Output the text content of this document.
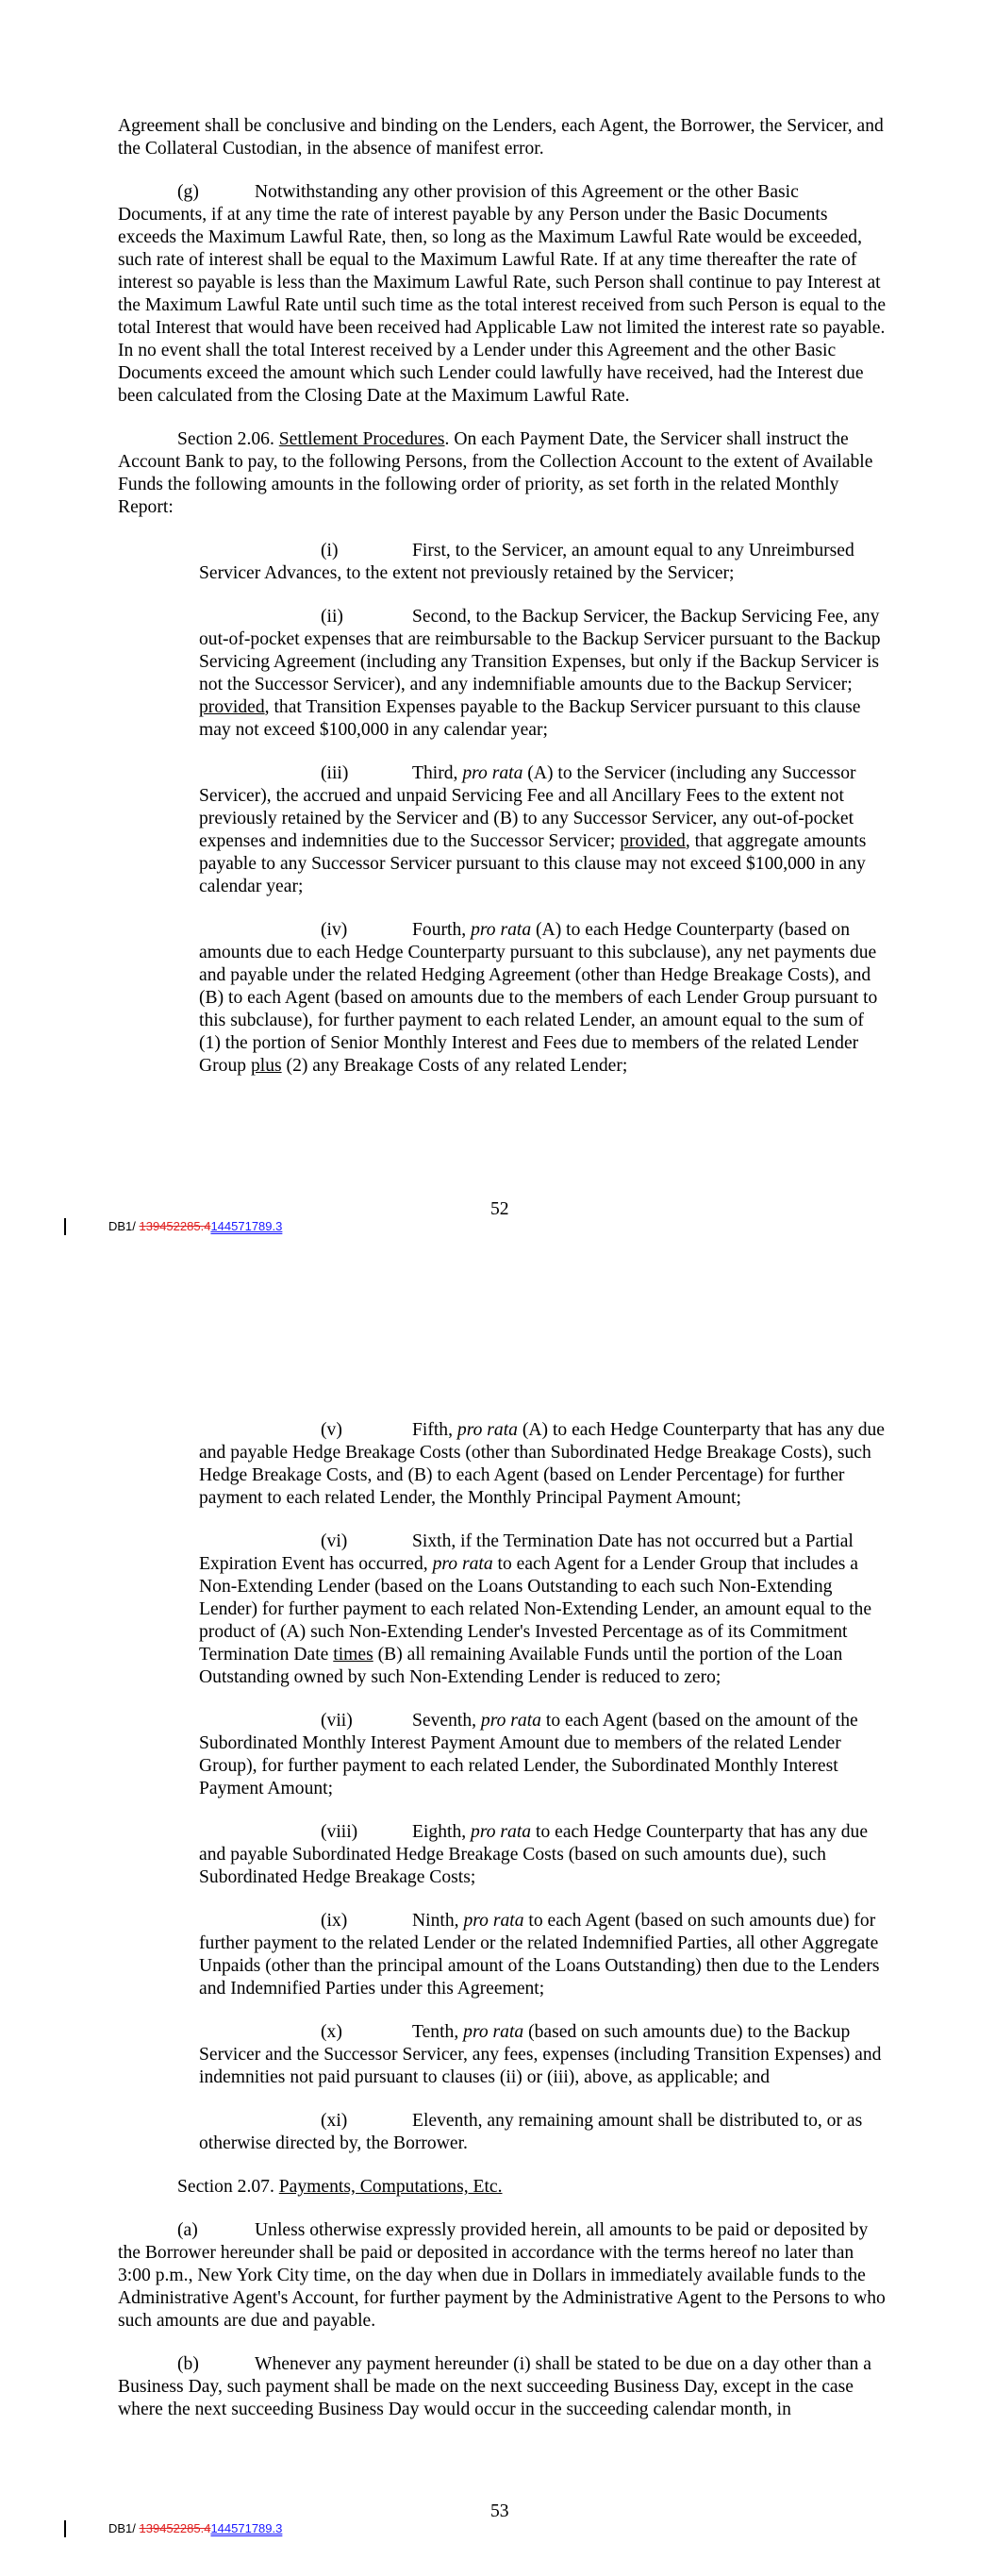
Agreement shall be conclusive and binding on the Lenders, each Agent, the Borrower, the Servicer, and the Collateral Custodian, in the absence of manifest error.
(g)	Notwithstanding any other provision of this Agreement or the other Basic Documents, if at any time the rate of interest payable by any Person under the Basic Documents exceeds the Maximum Lawful Rate, then, so long as the Maximum Lawful Rate would be exceeded, such rate of interest shall be equal to the Maximum Lawful Rate. If at any time thereafter the rate of interest so payable is less than the Maximum Lawful Rate, such Person shall continue to pay Interest at the Maximum Lawful Rate until such time as the total interest received from such Person is equal to the total Interest that would have been received had Applicable Law not limited the interest rate so payable. In no event shall the total Interest received by a Lender under this Agreement and the other Basic Documents exceed the amount which such Lender could lawfully have received, had the Interest due been calculated from the Closing Date at the Maximum Lawful Rate.
Section 2.06. Settlement Procedures. On each Payment Date, the Servicer shall instruct the Account Bank to pay, to the following Persons, from the Collection Account to the extent of Available Funds the following amounts in the following order of priority, as set forth in the related Monthly Report:
(i)	First, to the Servicer, an amount equal to any Unreimbursed Servicer Advances, to the extent not previously retained by the Servicer;
(ii)	Second, to the Backup Servicer, the Backup Servicing Fee, any out-of-pocket expenses that are reimbursable to the Backup Servicer pursuant to the Backup Servicing Agreement (including any Transition Expenses, but only if the Backup Servicer is not the Successor Servicer), and any indemnifiable amounts due to the Backup Servicer; provided, that Transition Expenses payable to the Backup Servicer pursuant to this clause may not exceed $100,000 in any calendar year;
(iii)	Third, pro rata (A) to the Servicer (including any Successor Servicer), the accrued and unpaid Servicing Fee and all Ancillary Fees to the extent not previously retained by the Servicer and (B) to any Successor Servicer, any out-of-pocket expenses and indemnities due to the Successor Servicer; provided, that aggregate amounts payable to any Successor Servicer pursuant to this clause may not exceed $100,000 in any calendar year;
(iv)	Fourth, pro rata (A) to each Hedge Counterparty (based on amounts due to each Hedge Counterparty pursuant to this subclause), any net payments due and payable under the related Hedging Agreement (other than Hedge Breakage Costs), and (B) to each Agent (based on amounts due to the members of each Lender Group pursuant to this subclause), for further payment to each related Lender, an amount equal to the sum of (1) the portion of Senior Monthly Interest and Fees due to members of the related Lender Group plus (2) any Breakage Costs of any related Lender;
52
DB1/ 139452285.4144571789.3
(v)	Fifth, pro rata (A) to each Hedge Counterparty that has any due and payable Hedge Breakage Costs (other than Subordinated Hedge Breakage Costs), such Hedge Breakage Costs, and (B) to each Agent (based on Lender Percentage) for further payment to each related Lender, the Monthly Principal Payment Amount;
(vi)	Sixth, if the Termination Date has not occurred but a Partial Expiration Event has occurred, pro rata to each Agent for a Lender Group that includes a Non-Extending Lender (based on the Loans Outstanding to each such Non-Extending Lender) for further payment to each related Non-Extending Lender, an amount equal to the product of (A) such Non-Extending Lender's Invested Percentage as of its Commitment Termination Date times (B) all remaining Available Funds until the portion of the Loan Outstanding owned by such Non-Extending Lender is reduced to zero;
(vii)	Seventh, pro rata to each Agent (based on the amount of the Subordinated Monthly Interest Payment Amount due to members of the related Lender Group), for further payment to each related Lender, the Subordinated Monthly Interest Payment Amount;
(viii)	Eighth, pro rata to each Hedge Counterparty that has any due and payable Subordinated Hedge Breakage Costs (based on such amounts due), such Subordinated Hedge Breakage Costs;
(ix)	Ninth, pro rata to each Agent (based on such amounts due) for further payment to the related Lender or the related Indemnified Parties, all other Aggregate Unpaids (other than the principal amount of the Loans Outstanding) then due to the Lenders and Indemnified Parties under this Agreement;
(x)	Tenth, pro rata (based on such amounts due) to the Backup Servicer and the Successor Servicer, any fees, expenses (including Transition Expenses) and indemnities not paid pursuant to clauses (ii) or (iii), above, as applicable; and
(xi)	Eleventh, any remaining amount shall be distributed to, or as otherwise directed by, the Borrower.
Section 2.07. Payments, Computations, Etc.
(a)	Unless otherwise expressly provided herein, all amounts to be paid or deposited by the Borrower hereunder shall be paid or deposited in accordance with the terms hereof no later than 3:00 p.m., New York City time, on the day when due in Dollars in immediately available funds to the Administrative Agent's Account, for further payment by the Administrative Agent to the Persons to who such amounts are due and payable.
(b)	Whenever any payment hereunder (i) shall be stated to be due on a day other than a Business Day, such payment shall be made on the next succeeding Business Day, except in the case where the next succeeding Business Day would occur in the succeeding calendar month, in
53
DB1/ 139452285.4144571789.3
